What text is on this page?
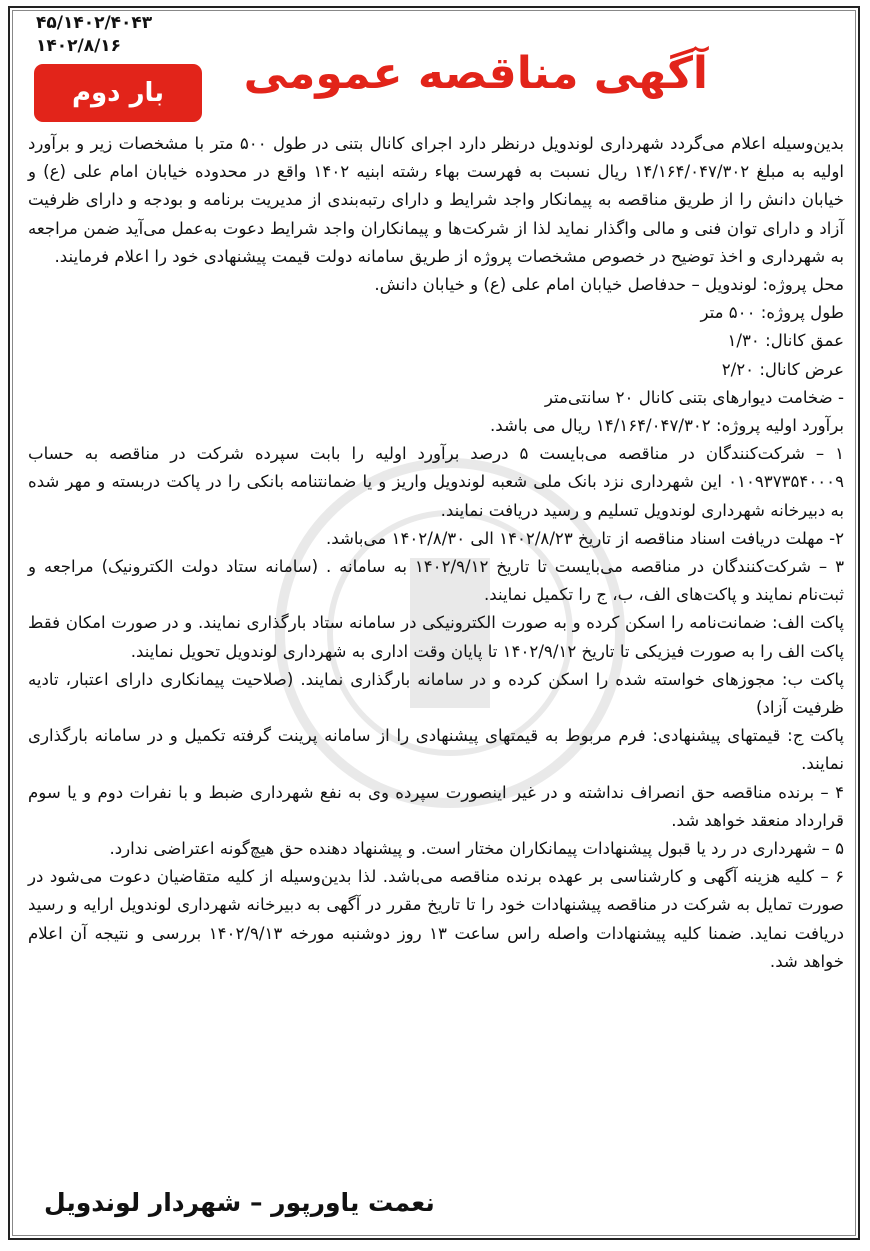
۴۵/۱۴۰۲/۴۰۴۳
۱۴۰۲/۸/۱۶
آگهی مناقصه عمومی
بار دوم

بدین‌وسیله اعلام می‌گردد شهرداری لوندویل درنظر دارد اجرای کانال بتنی در طول ۵۰۰ متر با مشخصات زیر و برآورد اولیه به مبلغ ۱۴/۱۶۴/۰۴۷/۳۰۲ ریال نسبت به فهرست بهاء رشته ابنیه ۱۴۰۲ واقع در محدوده خیابان امام علی (ع) و خیابان دانش را از طریق مناقصه به پیمانکار واجد شرایط و دارای رتبه‌بندی از مدیریت برنامه و بودجه و دارای ظرفیت آزاد و دارای توان فنی و مالی واگذار نماید لذا از شرکت‌ها و پیمانکاران واجد شرایط دعوت به‌عمل می‌آید ضمن مراجعه به شهرداری و اخذ توضیح در خصوص مشخصات پروژه از طریق سامانه دولت قیمت پیشنهادی خود را اعلام فرمایند.

محل پروژه: لوندویل – حدفاصل خیابان امام علی (ع) و خیابان دانش.

طول پروژه: ۵۰۰ متر

عمق کانال: ۱/۳۰

عرض کانال: ۲/۲۰

- ضخامت دیوارهای بتنی کانال ۲۰ سانتی‌متر

برآورد اولیه پروژه: ۱۴/۱۶۴/۰۴۷/۳۰۲ ریال می باشد.

۱ – شرکت‌کنندگان در مناقصه می‌بایست ۵ درصد برآورد اولیه را بابت سپرده شرکت در مناقصه به حساب ۰۱۰۹۳۷۳۵۴۰۰۰۹ این شهرداری نزد بانک ملی شعبه لوندویل واریز و یا ضمانتنامه بانکی را در پاکت دربسته و مهر شده به دبیرخانه شهرداری لوندویل تسلیم و رسید دریافت نمایند.

۲- مهلت دریافت اسناد مناقصه از تاریخ ۱۴۰۲/۸/۲۳ الی ۱۴۰۲/۸/۳۰ می‌باشد.

۳ – شرکت‌کنندگان در مناقصه می‌بایست تا تاریخ ۱۴۰۲/۹/۱۲ به سامانه . (سامانه ستاد دولت الکترونیک) مراجعه و ثبت‌نام نمایند و پاکت‌های الف، ب، ج را تکمیل نمایند.

پاکت الف: ضمانت‌نامه را اسکن کرده و به صورت الکترونیکی در سامانه ستاد بارگذاری نمایند. و در صورت امکان فقط پاکت الف را به صورت فیزیکی تا تاریخ ۱۴۰۲/۹/۱۲ تا پایان وقت اداری به شهرداری لوندویل تحویل نمایند.

پاکت ب: مجوزهای خواسته شده را اسکن کرده و در سامانه بارگذاری نمایند. (صلاحیت پیمانکاری دارای اعتبار، تادیه ظرفیت آزاد)

پاکت ج: قیمتهای پیشنهادی: فرم مربوط به قیمتهای پیشنهادی را از سامانه پرینت گرفته تکمیل و در سامانه بارگذاری نمایند.

۴ – برنده مناقصه حق انصراف نداشته و در غیر اینصورت سپرده وی به نفع شهرداری ضبط و با نفرات دوم و یا سوم قرارداد منعقد خواهد شد.

۵ – شهرداری در رد یا قبول پیشنهادات پیمانکاران مختار است. و پیشنهاد دهنده حق هیچ‌گونه اعتراضی ندارد.

۶ – کلیه هزینه آگهی و کارشناسی بر عهده برنده مناقصه می‌باشد. لذا بدین‌وسیله از کلیه متقاضیان دعوت می‌شود در صورت تمایل به شرکت در مناقصه پیشنهادات خود را تا تاریخ مقرر در آگهی به دبیرخانه شهرداری لوندویل ارایه و رسید دریافت نماید. ضمنا کلیه پیشنهادات واصله راس ساعت ۱۳ روز دوشنبه مورخه ۱۴۰۲/۹/۱۳ بررسی و نتیجه آن اعلام خواهد شد.

نعمت یاورپور – شهردار لوندویل
